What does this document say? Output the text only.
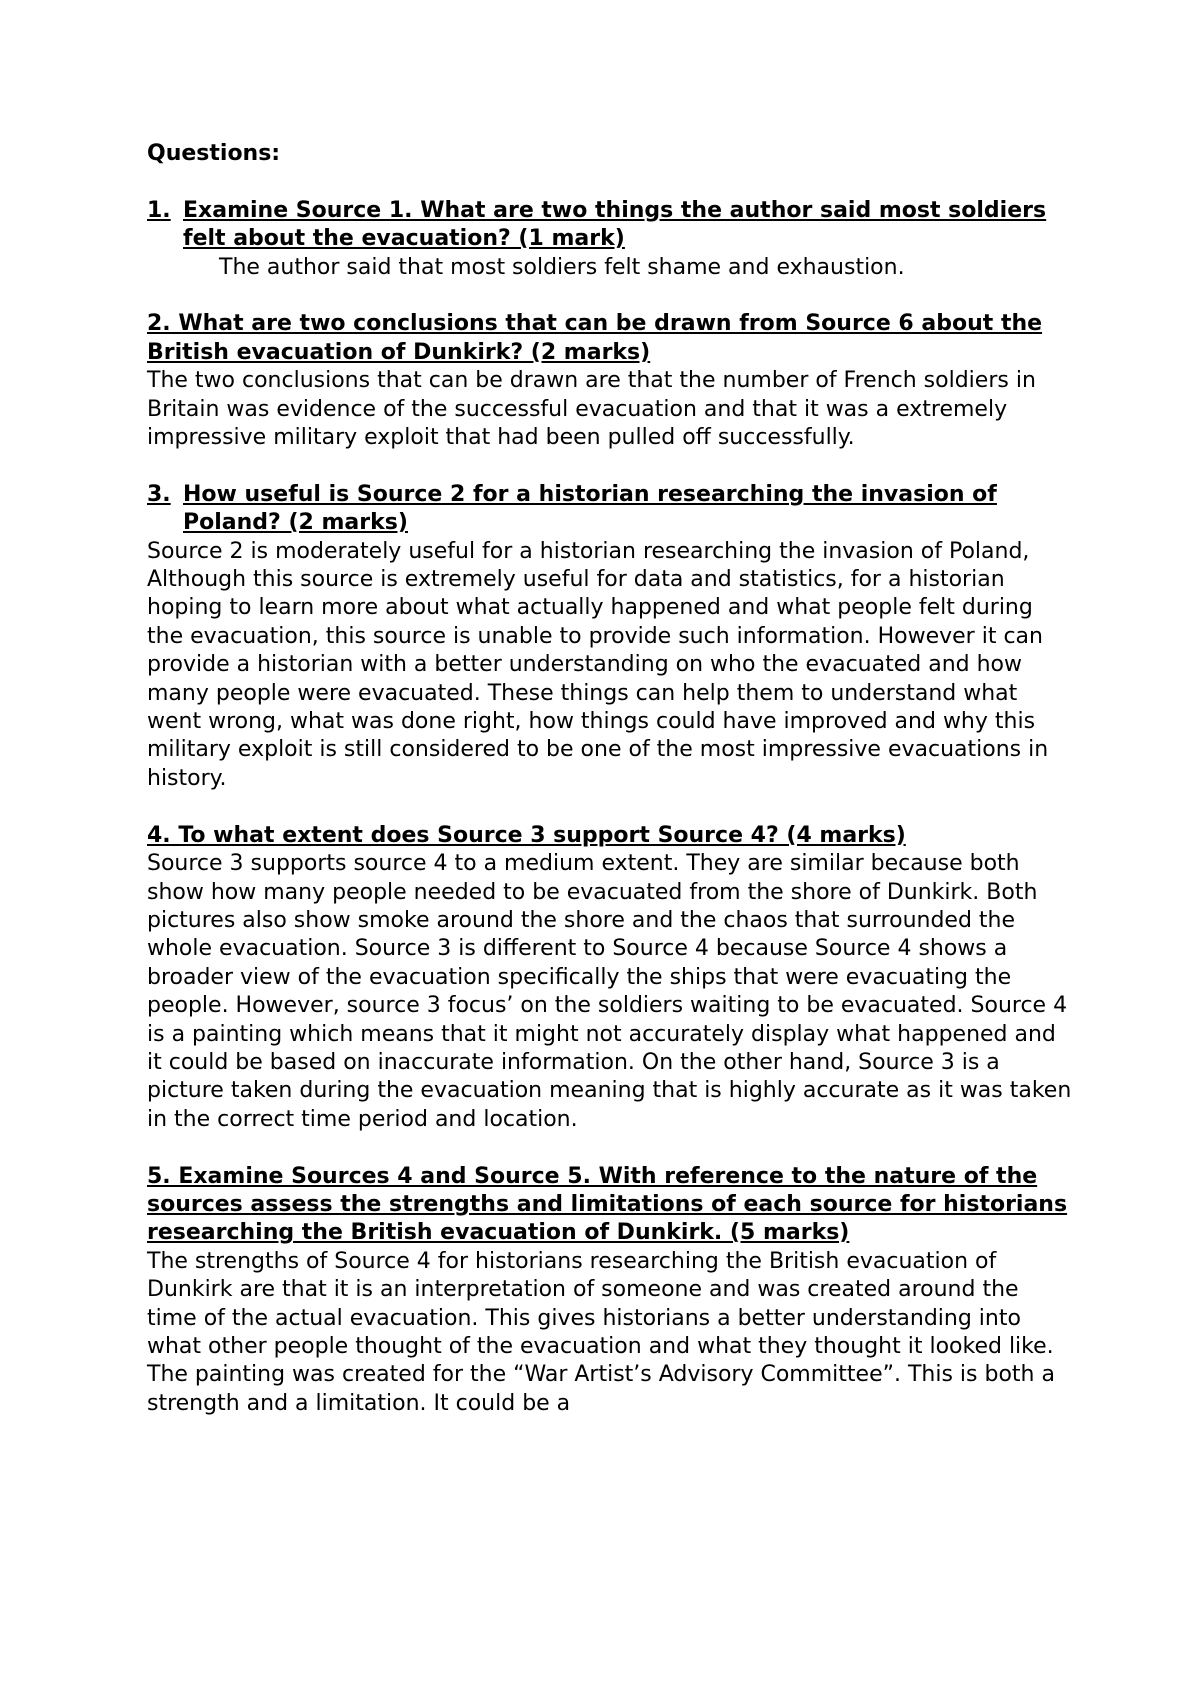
Questions:

1. Examine Source 1. What are two things the author said most soldiers felt about the evacuation? (1 mark)

The author said that most soldiers felt shame and exhaustion.

2. What are two conclusions that can be drawn from Source 6 about the British evacuation of Dunkirk? (2 marks)

The two conclusions that can be drawn are that the number of French soldiers in Britain was evidence of the successful evacuation and that it was a extremely impressive military exploit that had been pulled off successfully.

3. How useful is Source 2 for a historian researching the invasion of Poland? (2 marks)

Source 2 is moderately useful for a historian researching the invasion of Poland, Although this source is extremely useful for data and statistics, for a historian hoping to learn more about what actually happened and what people felt during the evacuation, this source is unable to provide such information. However it can provide a historian with a better understanding on who the evacuated and how many people were evacuated. These things can help them to understand what went wrong, what was done right, how things could have improved and why this military exploit is still considered to be one of the most impressive evacuations in history.

4. To what extent does Source 3 support Source 4? (4 marks)

Source 3 supports source 4 to a medium extent. They are similar because both show how many people needed to be evacuated from the shore of Dunkirk. Both pictures also show smoke around the shore and the chaos that surrounded the whole evacuation. Source 3 is different to Source 4 because Source 4 shows a broader view of the evacuation specifically the ships that were evacuating the people. However, source 3 focus’ on the soldiers waiting to be evacuated. Source 4 is a painting which means that it might not accurately display what happened and it could be based on inaccurate information. On the other hand, Source 3 is a picture taken during the evacuation meaning that is highly accurate as it was taken in the correct time period and location.

5. Examine Sources 4 and Source 5. With reference to the nature of the sources assess the strengths and limitations of each source for historians researching the British evacuation of Dunkirk. (5 marks)

The strengths of Source 4 for historians researching the British evacuation of Dunkirk are that it is an interpretation of someone and was created around the time of the actual evacuation. This gives historians a better understanding into what other people thought of the evacuation and what they thought it looked like. The painting was created for the “War Artist’s Advisory Committee”. This is both a strength and a limitation. It could be a
